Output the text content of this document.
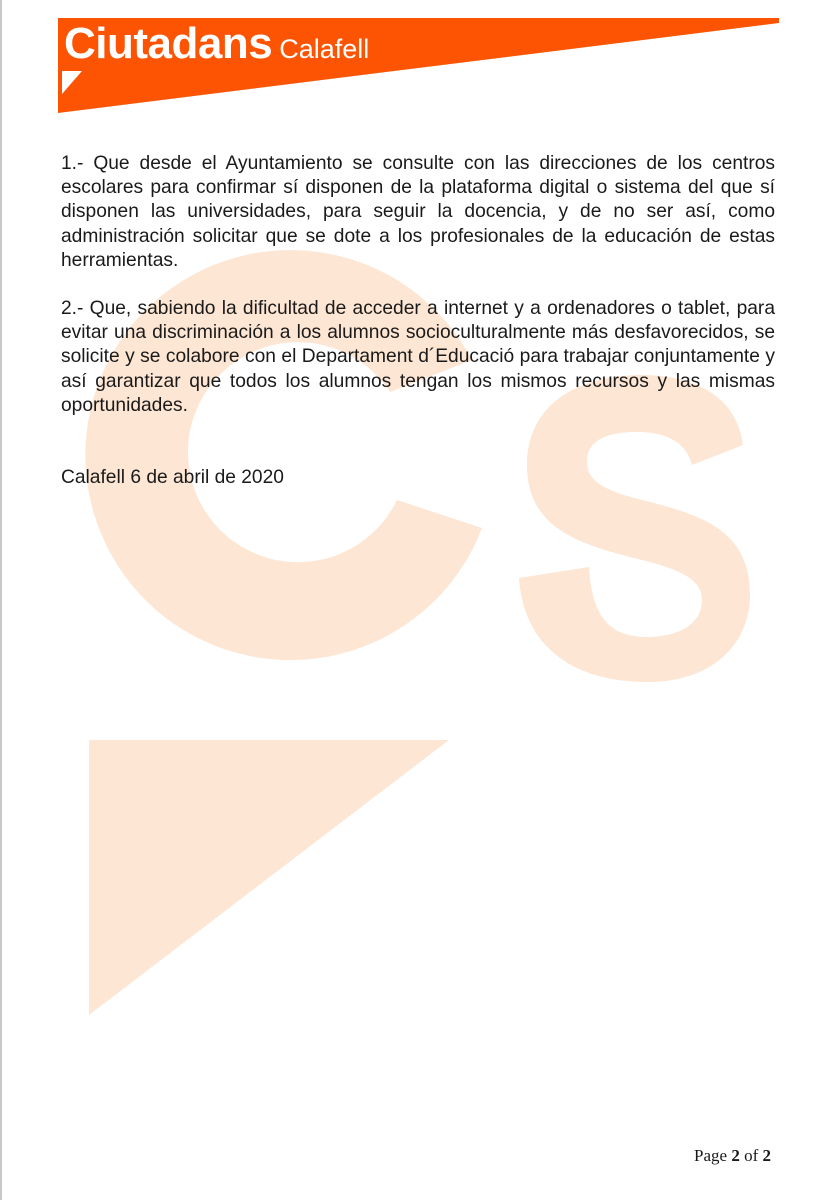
Ciutadans Calafell

1.- Que desde el Ayuntamiento se consulte con las direcciones de los centros escolares para confirmar sí disponen de la plataforma digital o sistema del que sí disponen las universidades, para seguir la docencia, y de no ser así, como administración solicitar que se dote a los profesionales de la educación de estas herramientas.

2.- Que, sabiendo la dificultad de acceder a internet y a ordenadores o tablet, para evitar una discriminación a los alumnos socioculturalmente más desfavorecidos, se solicite y se colabore con el Departament d´Educació para trabajar conjuntamente y así garantizar que todos los alumnos tengan los mismos recursos y las mismas oportunidades.

Calafell 6 de abril de 2020
Page 2 of 2
